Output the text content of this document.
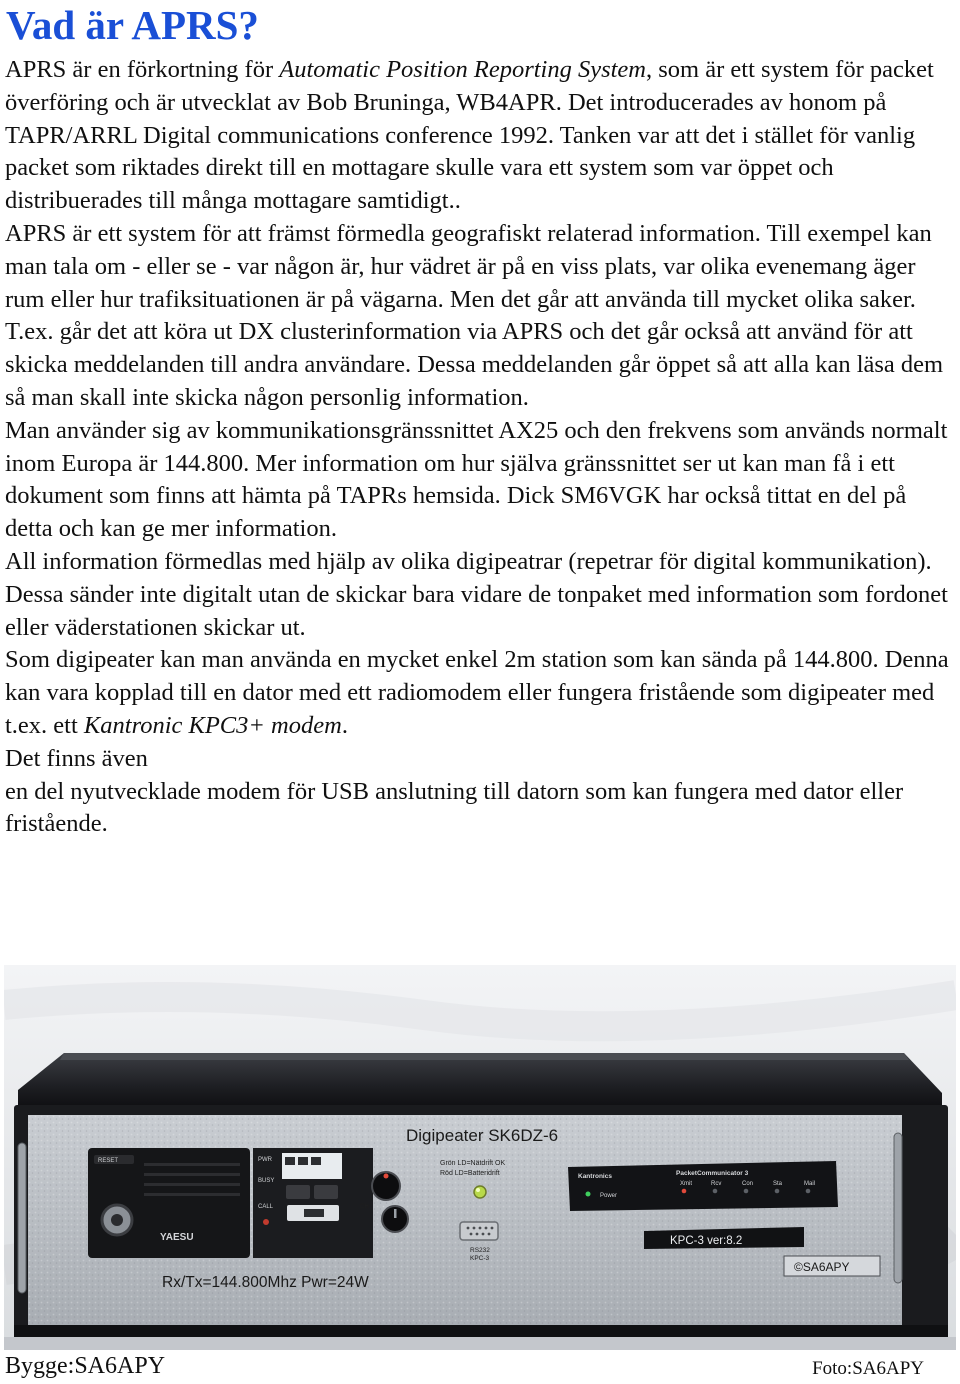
Vad är APRS?

APRS är en förkortning för Automatic Position Reporting System, som är ett system för packet överföring och är utvecklat av Bob Bruninga, WB4APR. Det introducerades av honom på TAPR/ARRL Digital communications conference 1992. Tanken var att det i stället för vanlig packet som riktades direkt till en mottagare skulle vara ett system som var öppet och distribuerades till många mottagare samtidigt..

APRS är ett system för att främst förmedla geografiskt relaterad information. Till exempel kan man tala om - eller se - var någon är, hur vädret är på en viss plats, var olika evenemang äger rum eller hur trafiksituationen är på vägarna. Men det går att använda till mycket olika saker. T.ex. går det att köra ut DX clusterinformation via APRS och det går också att använd för att skicka meddelanden till andra användare. Dessa meddelanden går öppet så att alla kan läsa dem så man skall inte skicka någon personlig information.

Man använder sig av kommunikationsgränssnittet AX25 och den frekvens som används normalt inom Europa är 144.800. Mer information om hur själva gränssnittet ser ut kan man få i ett dokument som finns att hämta på TAPRs hemsida. Dick SM6VGK har också tittat en del på detta och kan ge mer information.

All information förmedlas med hjälp av olika digipeatrar (repetrar för digital kommunikation). Dessa sänder inte digitalt utan de skickar bara vidare de tonpaket med information som fordonet eller väderstationen skickar ut.

Som digipeater kan man använda en mycket enkel 2m station som kan sända på 144.800. Denna kan vara kopplad till en dator med ett radiomodem eller fungera fristående som digipeater med t.ex. ett Kantronic KPC3+ modem.

Det finns även

en del nyutvecklade modem för USB anslutning till datorn som kan fungera med dator eller fristående.

Digipeater SK6DZ-6
RESET
YAESU
PWR
BUSY
CALL	CH
Grön LD=Nätdrift OK
Röd LD=Batteridrift
RS232
KPC-3
Kantronics	PacketCommunicator 3
Power
Xmit	Rcv	Con	Sta	Mail
KPC-3 ver:8.2
©SA6APY
Rx/Tx=144.800Mhz Pwr=24W
Bygge:SA6APY	Foto:SA6APY
